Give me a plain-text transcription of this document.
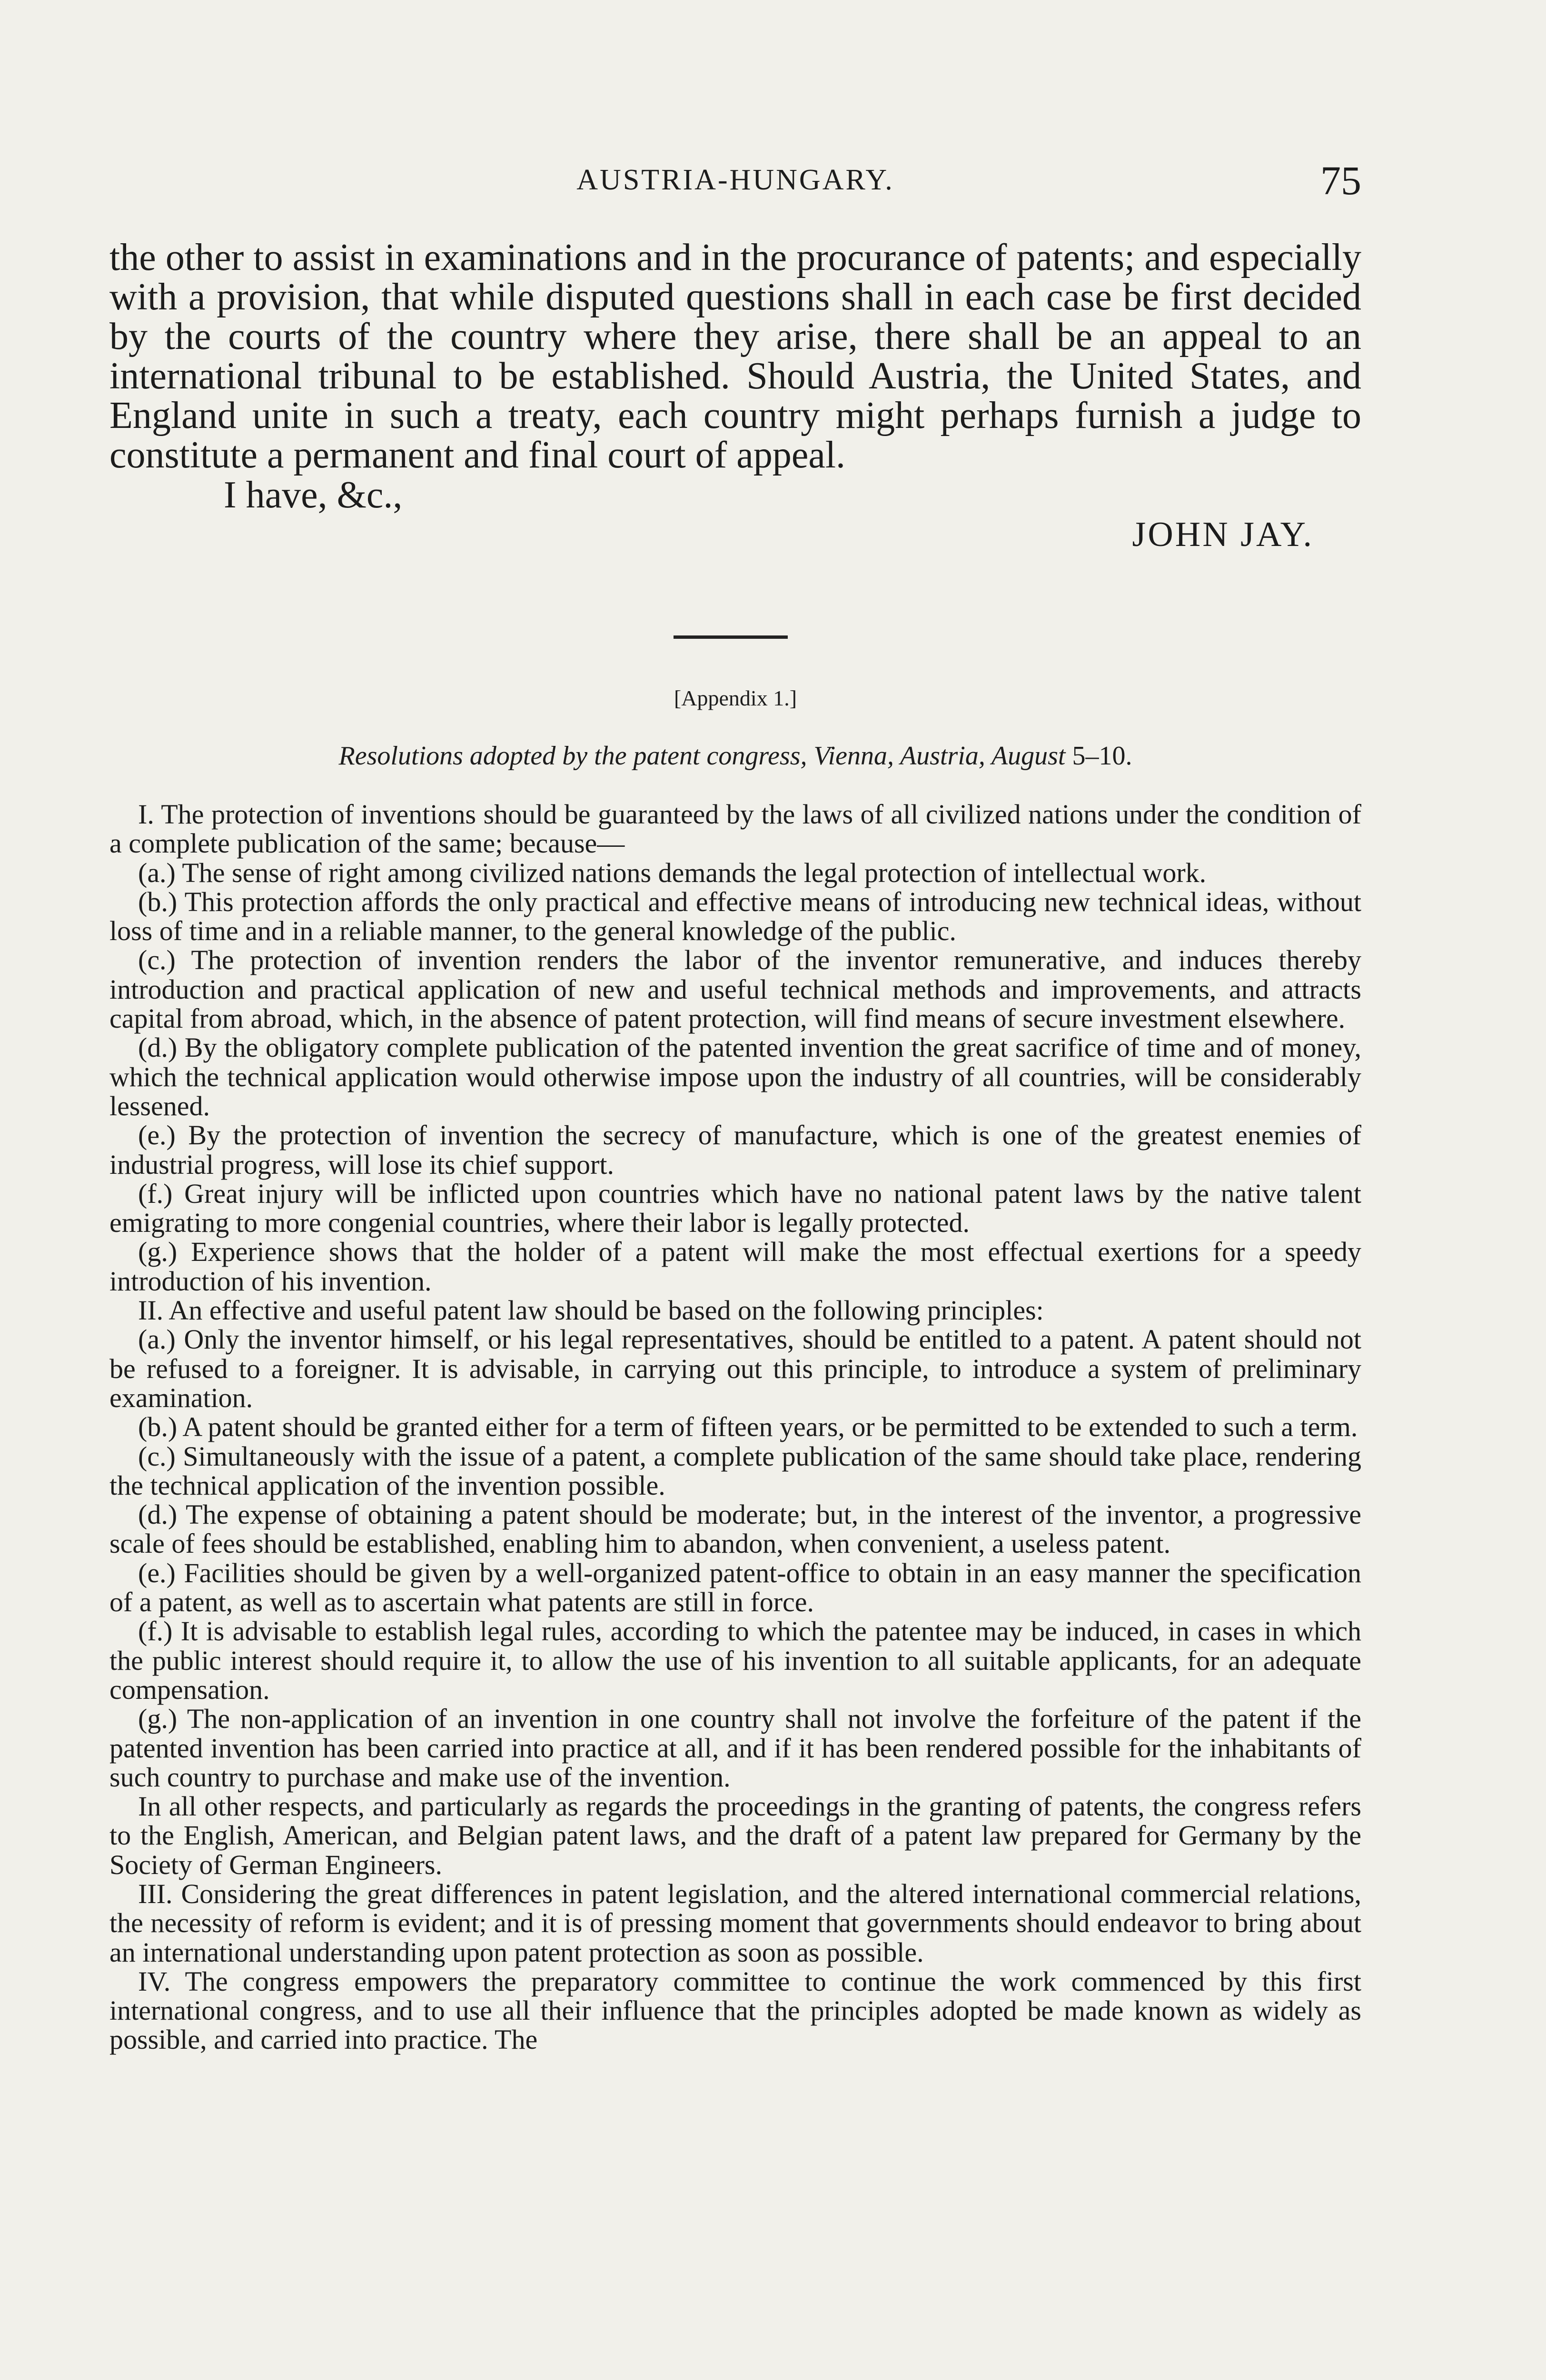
AUSTRIA-HUNGARY.	75

the other to assist in examinations and in the procurance of patents; and especially with a provision, that while disputed questions shall in each case be first decided by the courts of the country where they arise, there shall be an appeal to an international tribunal to be established. Should Austria, the United States, and England unite in such a treaty, each country might perhaps furnish a judge to constitute a permanent and final court of appeal.

I have, &c.,

JOHN JAY.

[Appendix 1.]
Resolutions adopted by the patent congress, Vienna, Austria, August 5–10.

I. The protection of inventions should be guaranteed by the laws of all civilized nations under the condition of a complete publication of the same; because—

(a.) The sense of right among civilized nations demands the legal protection of intellectual work.

(b.) This protection affords the only practical and effective means of introducing new technical ideas, without loss of time and in a reliable manner, to the general knowledge of the public.

(c.) The protection of invention renders the labor of the inventor remunerative, and induces thereby introduction and practical application of new and useful technical methods and improvements, and attracts capital from abroad, which, in the absence of patent protection, will find means of secure investment elsewhere.

(d.) By the obligatory complete publication of the patented invention the great sacrifice of time and of money, which the technical application would otherwise impose upon the industry of all countries, will be considerably lessened.

(e.) By the protection of invention the secrecy of manufacture, which is one of the greatest enemies of industrial progress, will lose its chief support.

(f.) Great injury will be inflicted upon countries which have no national patent laws by the native talent emigrating to more congenial countries, where their labor is legally protected.

(g.) Experience shows that the holder of a patent will make the most effectual exertions for a speedy introduction of his invention.

II. An effective and useful patent law should be based on the following principles:

(a.) Only the inventor himself, or his legal representatives, should be entitled to a patent. A patent should not be refused to a foreigner. It is advisable, in carrying out this principle, to introduce a system of preliminary examination.

(b.) A patent should be granted either for a term of fifteen years, or be permitted to be extended to such a term.

(c.) Simultaneously with the issue of a patent, a complete publication of the same should take place, rendering the technical application of the invention possible.

(d.) The expense of obtaining a patent should be moderate; but, in the interest of the inventor, a progressive scale of fees should be established, enabling him to abandon, when convenient, a useless patent.

(e.) Facilities should be given by a well-organized patent-office to obtain in an easy manner the specification of a patent, as well as to ascertain what patents are still in force.

(f.) It is advisable to establish legal rules, according to which the patentee may be induced, in cases in which the public interest should require it, to allow the use of his invention to all suitable applicants, for an adequate compensation.

(g.) The non-application of an invention in one country shall not involve the forfeiture of the patent if the patented invention has been carried into practice at all, and if it has been rendered possible for the inhabitants of such country to purchase and make use of the invention.

In all other respects, and particularly as regards the proceedings in the granting of patents, the congress refers to the English, American, and Belgian patent laws, and the draft of a patent law prepared for Germany by the Society of German Engineers.

III. Considering the great differences in patent legislation, and the altered international commercial relations, the necessity of reform is evident; and it is of pressing moment that governments should endeavor to bring about an international understanding upon patent protection as soon as possible.

IV. The congress empowers the preparatory committee to continue the work commenced by this first international congress, and to use all their influence that the principles adopted be made known as widely as possible, and carried into practice. The
